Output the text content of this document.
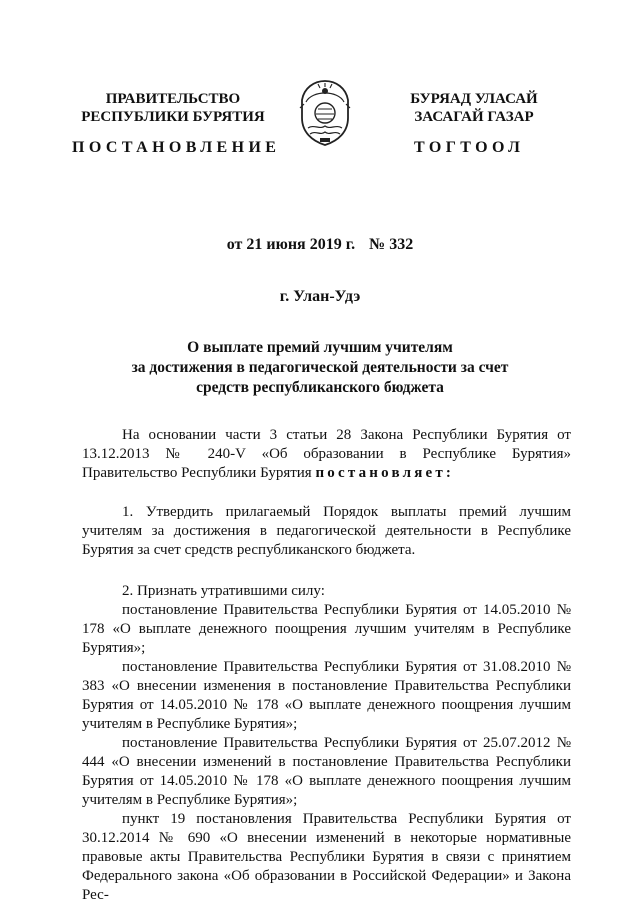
ПРАВИТЕЛЬСТВО
РЕСПУБЛИКИ БУРЯТИЯ
БУРЯАД УЛАСАЙ
ЗАСАГАЙ ГАЗАР
ПОСТАНОВЛЕНИЕ	ТОГТООЛ
от 21 июня 2019 г. № 332
г. Улан-Удэ
О выплате премий лучшим учителям
за достижения в педагогической деятельности за счет
средств республиканского бюджета

На основании части 3 статьи 28 Закона Республики Бурятия от 13.12.2013 № 240-V «Об образовании в Республике Бурятия» Правительство Республики Бурятия постановляет:

1. Утвердить прилагаемый Порядок выплаты премий лучшим учителям за достижения в педагогической деятельности в Республике Бурятия за счет средств республиканского бюджета.

2. Признать утратившими силу:

постановление Правительства Республики Бурятия от 14.05.2010 № 178 «О выплате денежного поощрения лучшим учителям в Республике Бурятия»;

постановление Правительства Республики Бурятия от 31.08.2010 № 383 «О внесении изменения в постановление Правительства Республики Бурятия от 14.05.2010 № 178 «О выплате денежного поощрения лучшим учителям в Республике Бурятия»;

постановление Правительства Республики Бурятия от 25.07.2012 № 444 «О внесении изменений в постановление Правительства Республики Бурятия от 14.05.2010 № 178 «О выплате денежного поощрения лучшим учителям в Республике Бурятия»;

пункт 19 постановления Правительства Республики Бурятия от 30.12.2014 № 690 «О внесении изменений в некоторые нормативные правовые акты Правительства Республики Бурятия в связи с принятием Федерального закона «Об образовании в Российской Федерации» и Закона Рес-
